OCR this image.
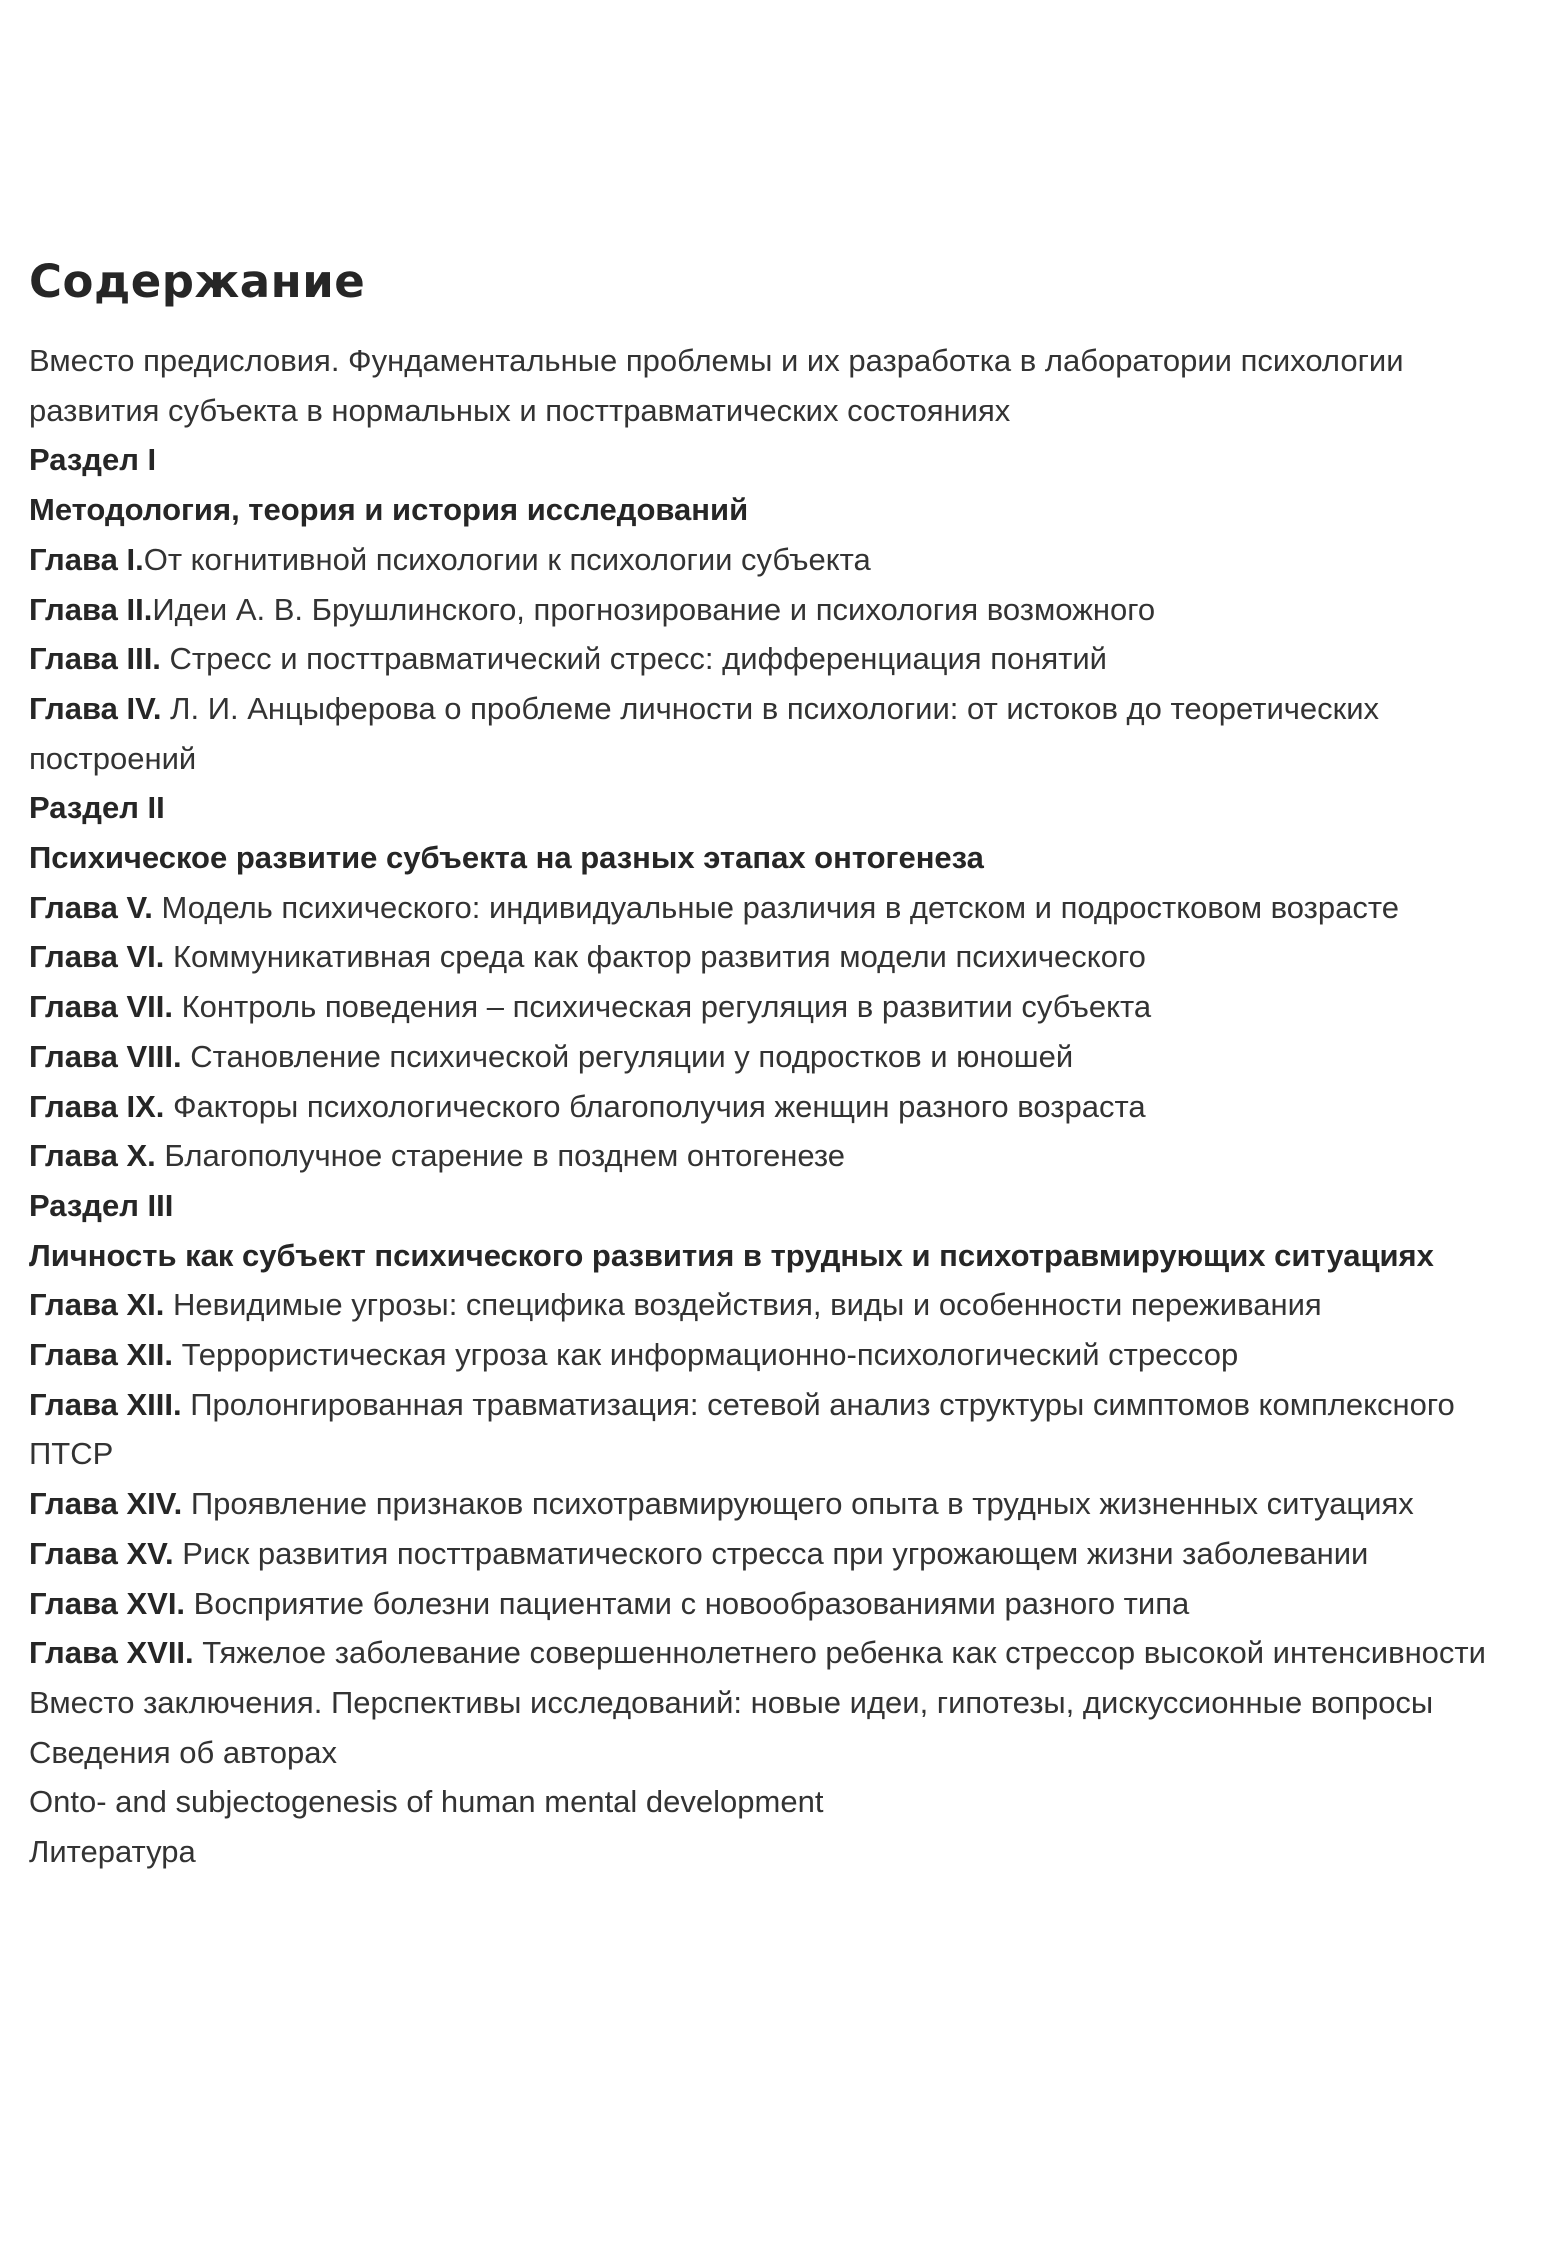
Содержание
Вместо предисловия. Фундаментальные проблемы и их разработка в лаборатории психологии развития субъекта в нормальных и посттравматических состояниях
Раздел I
Методология, теория и история исследований
Глава I.От когнитивной психологии к психологии субъекта
Глава II.Идеи А. В. Брушлинского, прогнозирование и психология возможного
Глава III. Стресс и посттравматический стресс: дифференциация понятий
Глава IV. Л. И. Анцыферова о проблеме личности в психологии: от истоков до теоретических построений
Раздел II
Психическое развитие субъекта на разных этапах онтогенеза
Глава V. Модель психического: индивидуальные различия в детском и подростковом возрасте
Глава VI. Коммуникативная среда как фактор развития модели психического
Глава VII. Контроль поведения – психическая регуляция в развитии субъекта
Глава VIII. Становление психической регуляции у подростков и юношей
Глава IX. Факторы психологического благополучия женщин разного возраста
Глава X. Благополучное старение в позднем онтогенезе
Раздел III
Личность как субъект психического развития в трудных и психотравмирующих ситуациях
Глава XI. Невидимые угрозы: специфика воздействия, виды и особенности переживания
Глава XII. Террористическая угроза как информационно-психологический стрессор
Глава XIII. Пролонгированная травматизация: сетевой анализ структуры симптомов комплексного ПТСР
Глава XIV. Проявление признаков психотравмирующего опыта в трудных жизненных ситуациях
Глава XV. Риск развития посттравматического стресса при угрожающем жизни заболевании
Глава XVI. Восприятие болезни пациентами с новообразованиями разного типа
Глава XVII. Тяжелое заболевание совершеннолетнего ребенка как стрессор высокой интенсивности
Вместо заключения. Перспективы исследований: новые идеи, гипотезы, дискуссионные вопросы
Сведения об авторах
Onto- and subjectogenesis of human mental development
Литература
